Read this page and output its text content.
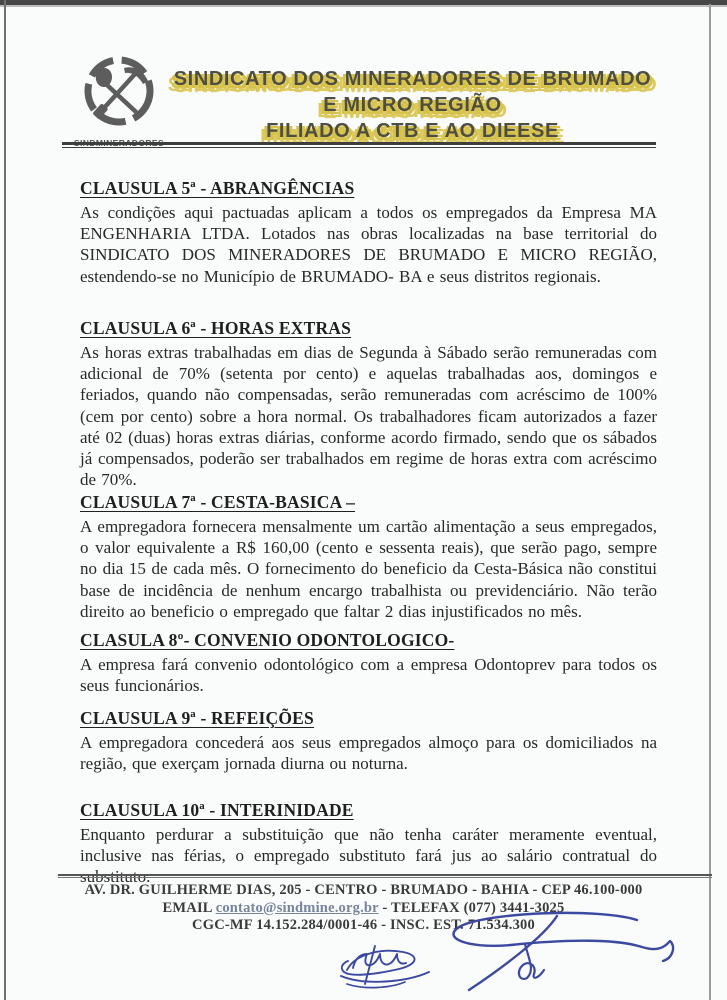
SINDMINERADORES
SINDICATO DOS MINERADORES DE BRUMADO
E MICRO REGIÃO
FILIADO A CTB E AO DIEESE
CLAUSULA 5ª - ABRANGÊNCIAS
As condições aqui pactuadas aplicam a todos os empregados da Empresa MA ENGENHARIA LTDA. Lotados nas obras localizadas na base territorial do SINDICATO DOS MINERADORES DE BRUMADO E MICRO REGIÃO, estendendo-se no Município de BRUMADO- BA e seus distritos regionais.
CLAUSULA 6ª - HORAS EXTRAS
As horas extras trabalhadas em dias de Segunda à Sábado serão remuneradas com adicional de 70% (setenta por cento) e aquelas trabalhadas aos, domingos e feriados, quando não compensadas, serão remuneradas com acréscimo de 100% (cem por cento) sobre a hora normal. Os trabalhadores ficam autorizados a fazer até 02 (duas) horas extras diárias, conforme acordo firmado, sendo que os sábados já compensados, poderão ser trabalhados em regime de horas extra com acréscimo de 70%.
CLAUSULA 7ª - CESTA-BASICA –
A empregadora fornecera mensalmente um cartão alimentação a seus empregados, o valor equivalente a R$ 160,00 (cento e sessenta reais), que serão pago, sempre no dia 15 de cada mês. O fornecimento do beneficio da Cesta-Básica não constitui base de incidência de nenhum encargo trabalhista ou previdenciário. Não terão direito ao beneficio o empregado que faltar 2 dias injustificados no mês.
CLASULA 8º- CONVENIO ODONTOLOGICO-
A empresa fará convenio odontológico com a empresa Odontoprev para todos os seus funcionários.
CLAUSULA 9ª - REFEIÇÕES
A empregadora concederá aos seus empregados almoço para os domiciliados na região, que exerçam jornada diurna ou noturna.
CLAUSULA 10ª - INTERINIDADE
Enquanto perdurar a substituição que não tenha caráter meramente eventual, inclusive nas férias, o empregado substituto fará jus ao salário contratual do substituto.
AV. DR. GUILHERME DIAS, 205 - CENTRO - BRUMADO - BAHIA - CEP 46.100-000
EMAIL contato@sindmine.org.br - TELEFAX (077) 3441-3025
CGC-MF 14.152.284/0001-46 - INSC. EST. 71.534.300
